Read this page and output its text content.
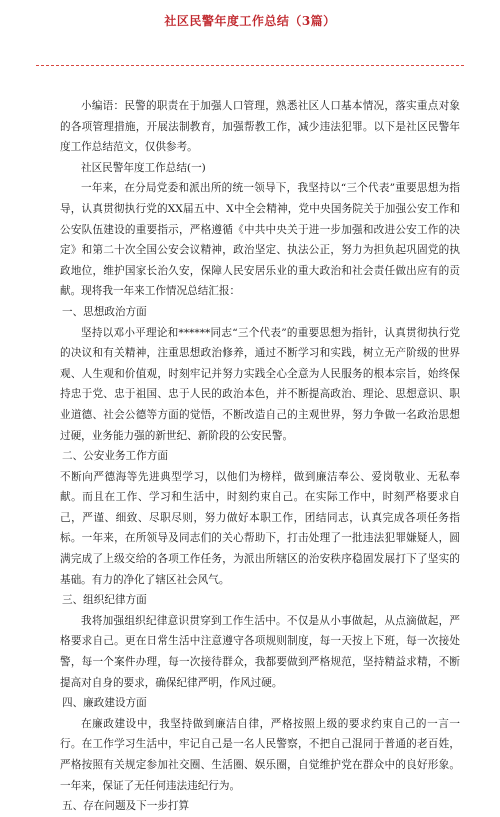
社区民警年度工作总结（3篇）

小编语：民警的职责在于加强人口管理，熟悉社区人口基本情况，落实重点对象的各项管理措施，开展法制教育，加强帮教工作，减少违法犯罪。以下是社区民警年度工作总结范文，仅供参考。

社区民警年度工作总结(一)

一年来，在分局党委和派出所的统一领导下，我坚持以“三个代表”重要思想为指导，认真贯彻执行党的XX届五中、X中全会精神，党中央国务院关于加强公安工作和公安队伍建设的重要指示，严格遵循《中共中央关于进一步加强和改进公安工作的决定》和第二十次全国公安会议精神，政治坚定、执法公正，努力为担负起巩固党的执政地位，维护国家长治久安，保障人民安居乐业的重大政治和社会责任做出应有的贡献。现将我一年来工作情况总结汇报：

一、思想政治方面

坚持以邓小平理论和******同志“三个代表”的重要思想为指针，认真贯彻执行党的决议和有关精神，注重思想政治修养，通过不断学习和实践，树立无产阶级的世界观、人生观和价值观，时刻牢记并努力实践全心全意为人民服务的根本宗旨，始终保持忠于党、忠于祖国、忠于人民的政治本色，并不断提高政治、理论、思想意识、职业道德、社会公德等方面的觉悟，不断改造自己的主观世界，努力争做一名政治思想过硬，业务能力强的新世纪、新阶段的公安民警。

二、公安业务工作方面

不断向严德海等先进典型学习，以他们为榜样，做到廉洁奉公、爱岗敬业、无私奉献。而且在工作、学习和生活中，时刻约束自己。在实际工作中，时刻严格要求自己，严谨、细致、尽职尽则，努力做好本职工作，团结同志，认真完成各项任务指标。一年来，在所领导及同志们的关心帮助下，打击处理了一批违法犯罪嫌疑人，圆满完成了上级交给的各项工作任务，为派出所辖区的治安秩序稳固发展打下了坚实的基础。有力的净化了辖区社会风气。

三、组织纪律方面

我将加强组织纪律意识贯穿到工作生活中。不仅是从小事做起，从点滴做起，严格要求自己。更在日常生活中注意遵守各项规则制度，每一天按上下班，每一次接处警，每一个案件办理，每一次接待群众，我都要做到严格规范，坚持精益求精，不断提高对自身的要求，确保纪律严明，作风过硬。

四、廉政建设方面

在廉政建设中，我坚持做到廉洁自律，严格按照上级的要求约束自己的一言一行。在工作学习生活中，牢记自己是一名人民警察，不把自己混同于普通的老百姓，严格按照有关规定参加社交圈、生活圈、娱乐圈，自觉维护党在群众中的良好形象。一年来，保证了无任何违法违纪行为。

五、存在问题及下一步打算
